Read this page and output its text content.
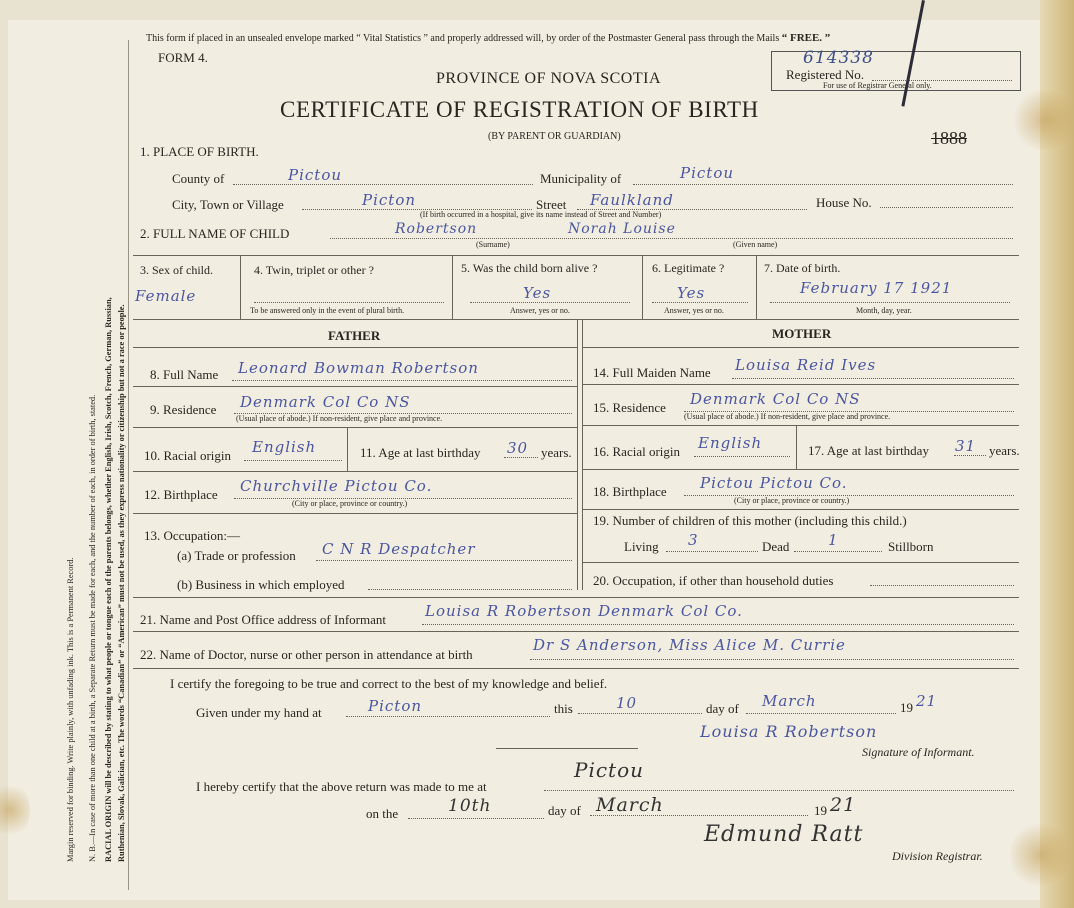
Margin reserved for binding. Write plainly, with unfading ink. This is a Permanent Record. N. B.—In case of more than one child at a birth, a Separate Return must be made for each, and the number of each, in order of birth, stated. RACIAL ORIGIN will be described by stating to what people or tongue each of the parents belongs, whether English, Irish, Scotch, French, German, Russian, Ruthenian, Slovak, Galician, etc. The words “Canadian” or “American” must not be used, as they express nationality or citizenship but not a race or people.
This form if placed in an unsealed envelope marked “ Vital Statistics ” and properly addressed will, by order of the Postmaster General pass through the Mails “ FREE. ”
FORM 4.
PROVINCE OF NOVA SCOTIA
CERTIFICATE OF REGISTRATION OF BIRTH
(BY PARENT OR GUARDIAN)
614338
Registered No.
For use of Registrar General only.
1888
1. PLACE OF BIRTH.
County of	Pictou	Municipality of	Pictou
City, Town or Village	Picton	Street Faulkland	House No.
(If birth occurred in a hospital, give its name instead of Street and Number)
2. FULL NAME OF CHILD	Robertson	Norah Louise
(Surname)	(Given name)
3. Sex of child.
Female
4. Twin, triplet or other ?
To be answered only in the event of plural birth.
5. Was the child born alive ?
Yes
Answer, yes or no.
6. Legitimate ?
Yes
Answer, yes or no.
7. Date of birth.
February 17 1921
Month, day, year.
FATHER	MOTHER
8. Full Name Leonard Bowman Robertson
9. Residence Denmark Col Co NS
(Usual place of abode.) If non-resident, give place and province.
10. Racial origin English	11. Age at last birthday 30 years.
12. Birthplace Churchville Pictou Co.
(City or place, province or country.)
13. Occupation:—
(a) Trade or profession C N R Despatcher
(b) Business in which employed
14. Full Maiden Name Louisa Reid Ives
15. Residence Denmark Col Co NS
(Usual place of abode.) If non-resident, give place and province.
16. Racial origin English	17. Age at last birthday 31 years.
18. Birthplace Pictou Pictou Co.
(City or place, province or country.)
19. Number of children of this mother (including this child.)
Living 3	Dead	1	Stillborn
20. Occupation, if other than household duties
21. Name and Post Office address of Informant	Louisa R Robertson Denmark Col Co.
22. Name of Doctor, nurse or other person in attendance at birth
Dr S Anderson, Miss Alice M. Currie
I certify the foregoing to be true and correct to the best of my knowledge and belief.
Given under my hand at	Picton	this	10	day of March	19 21
Louisa R Robertson
Signature of Informant.
I hereby certify that the above return was made to me at
Pictou
on the	10th	day of March	19 21
Edmund Ratt
Division Registrar.
